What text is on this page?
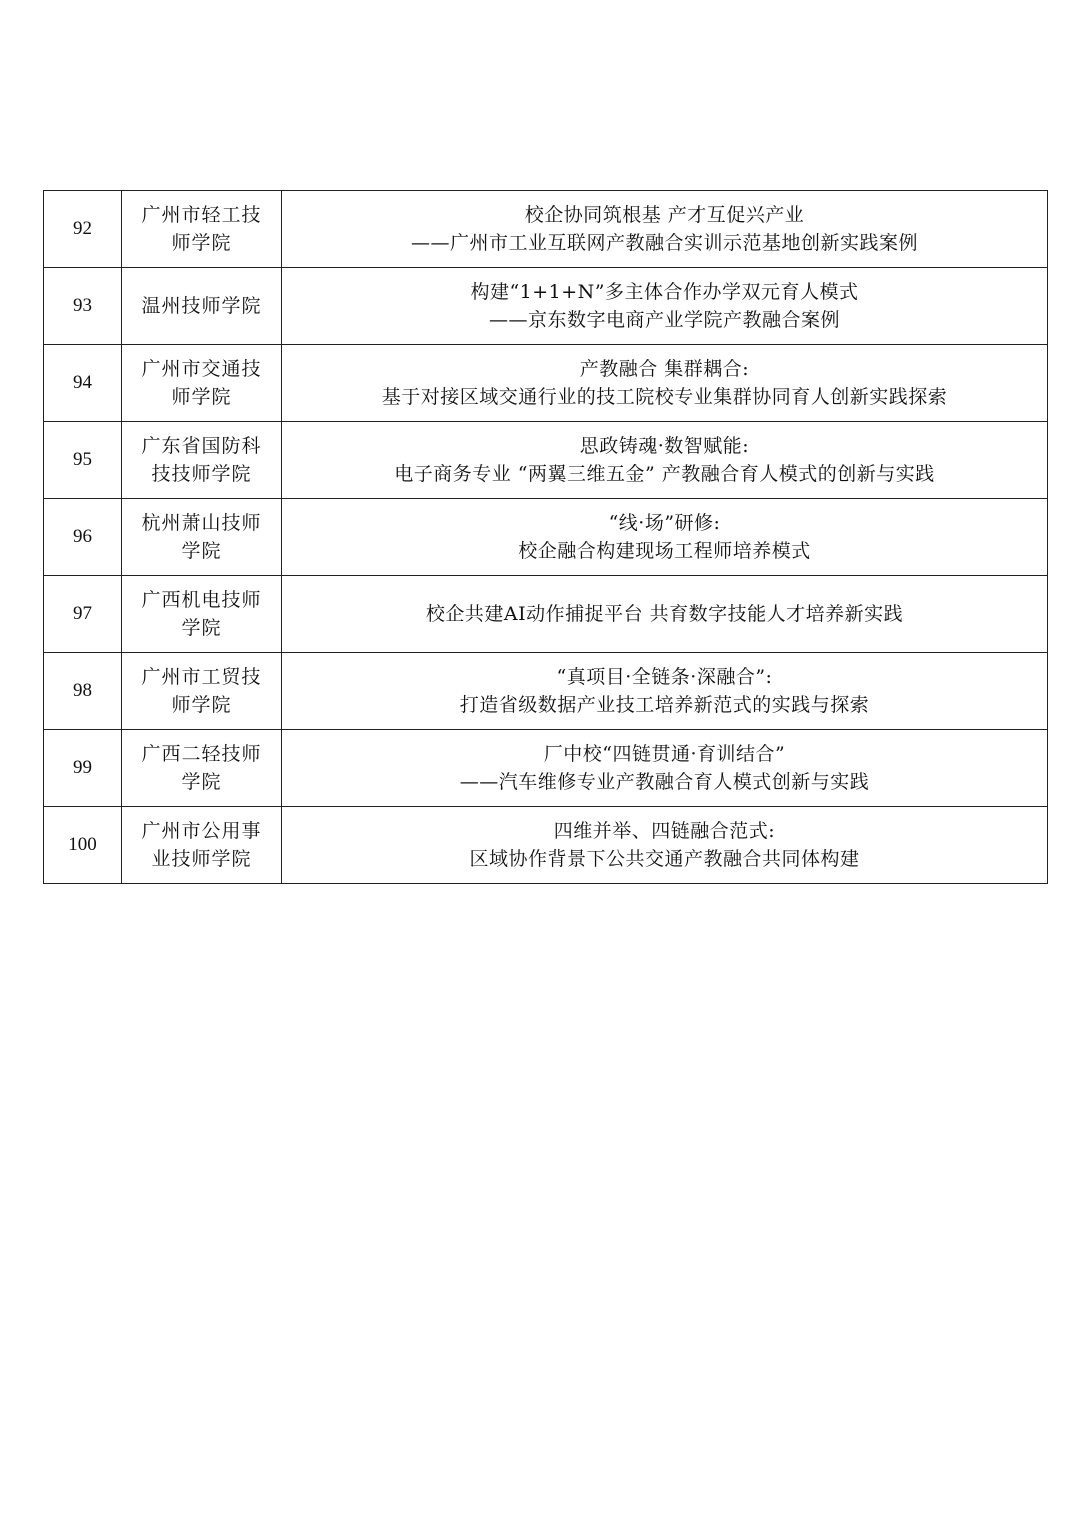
92	广州市轻工技师学院	校企协同筑根基 产才互促兴产业
——广州市工业互联网产教融合实训示范基地创新实践案例

93	温州技师学院	构建“1+1+N”多主体合作办学双元育人模式
——京东数字电商产业学院产教融合案例

94	广州市交通技师学院	产教融合 集群耦合:
基于对接区域交通行业的技工院校专业集群协同育人创新实践探索

95	广东省国防科技技师学院	思政铸魂·数智赋能:
电子商务专业 “两翼三维五金” 产教融合育人模式的创新与实践

96	杭州萧山技师学院	“线·场”研修:
校企融合构建现场工程师培养模式

97	广西机电技师学院	校企共建AI动作捕捉平台 共育数字技能人才培养新实践

98	广州市工贸技师学院	“真项目·全链条·深融合”:
打造省级数据产业技工培养新范式的实践与探索

99	广西二轻技师学院	厂中校“四链贯通·育训结合”
——汽车维修专业产教融合育人模式创新与实践

100	广州市公用事业技师学院	四维并举、四链融合范式:
区域协作背景下公共交通产教融合共同体构建
